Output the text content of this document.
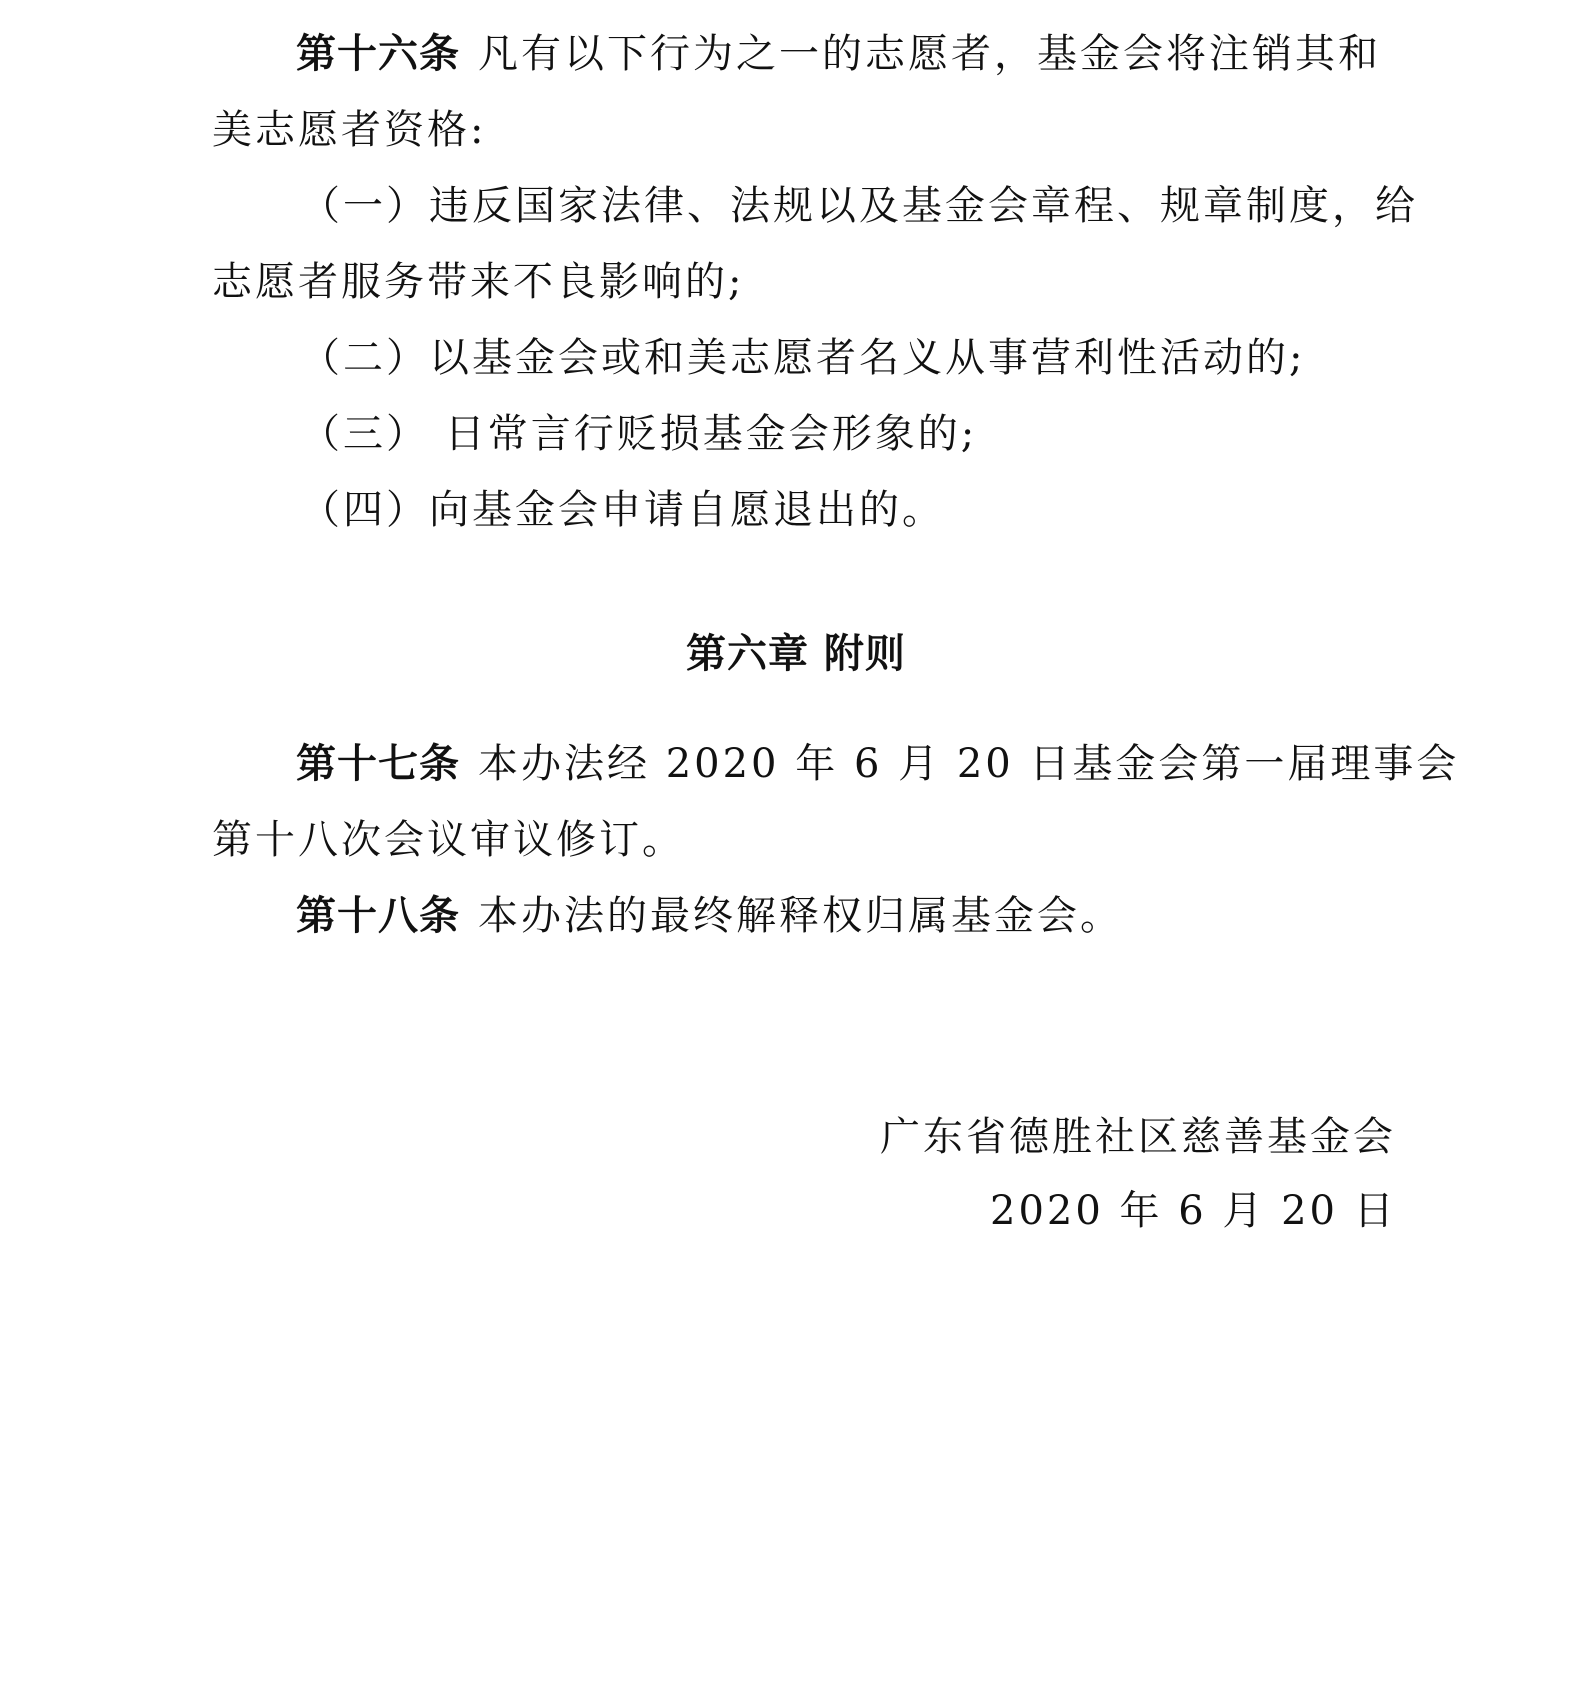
第十六条 凡有以下行为之一的志愿者，基金会将注销其和
美志愿者资格:
（一）违反国家法律、法规以及基金会章程、规章制度，给
志愿者服务带来不良影响的;
（二）以基金会或和美志愿者名义从事营利性活动的;
（三） 日常言行贬损基金会形象的;
（四）向基金会申请自愿退出的。
第六章 附则
第十七条 本办法经 2020 年 6 月 20 日基金会第一届理事会
第十八次会议审议修订。
第十八条 本办法的最终解释权归属基金会。
广东省德胜社区慈善基金会
2020 年 6 月 20 日
